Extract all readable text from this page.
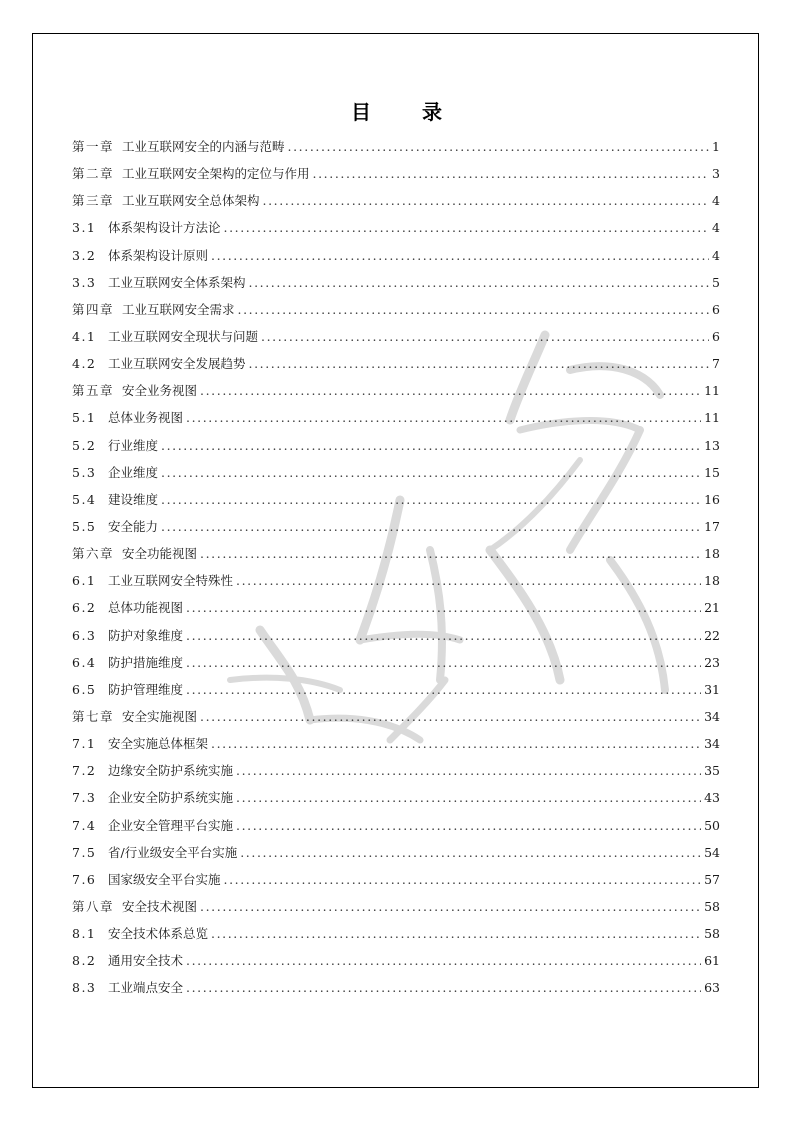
目 录
第一章 工业互联网安全的内涵与范畴 .....	1
第二章 工业互联网安全架构的定位与作用 .....	3
第三章 工业互联网安全总体架构 .....	4
3.1 体系架构设计方法论 .....	4
3.2 体系架构设计原则 .....	4
3.3 工业互联网安全体系架构 .....	5
第四章 工业互联网安全需求 .....	6
4.1 工业互联网安全现状与问题 .....	6
4.2 工业互联网安全发展趋势 .....	7
第五章 安全业务视图 .....	11
5.1 总体业务视图 .....	11
5.2 行业维度 .....	13
5.3 企业维度 .....	15
5.4 建设维度 .....	16
5.5 安全能力 .....	17
第六章 安全功能视图 .....	18
6.1 工业互联网安全特殊性 .....	18
6.2 总体功能视图 .....	21
6.3 防护对象维度 .....	22
6.4 防护措施维度 .....	23
6.5 防护管理维度 .....	31
第七章 安全实施视图 .....	34
7.1 安全实施总体框架 .....	34
7.2 边缘安全防护系统实施 .....	35
7.3 企业安全防护系统实施 .....	43
7.4 企业安全管理平台实施 .....	50
7.5 省/行业级安全平台实施 .....	54
7.6 国家级安全平台实施 .....	57
第八章 安全技术视图 .....	58
8.1 安全技术体系总览 .....	58
8.2 通用安全技术 .....	61
8.3 工业端点安全 .....	63
